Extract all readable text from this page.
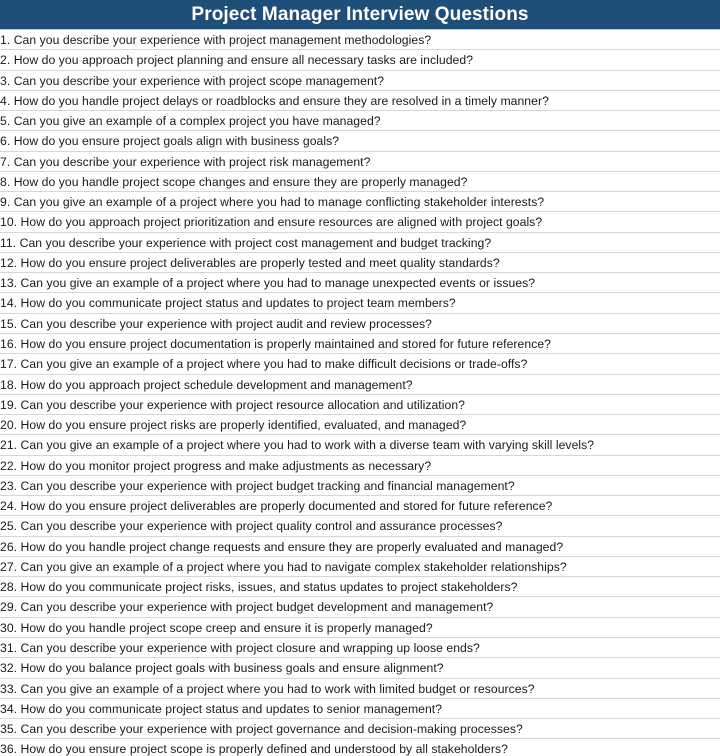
Project Manager Interview Questions
1. Can you describe your experience with project management methodologies?
2. How do you approach project planning and ensure all necessary tasks are included?
3. Can you describe your experience with project scope management?
4. How do you handle project delays or roadblocks and ensure they are resolved in a timely manner?
5. Can you give an example of a complex project you have managed?
6. How do you ensure project goals align with business goals?
7. Can you describe your experience with project risk management?
8. How do you handle project scope changes and ensure they are properly managed?
9. Can you give an example of a project where you had to manage conflicting stakeholder interests?
10. How do you approach project prioritization and ensure resources are aligned with project goals?
11. Can you describe your experience with project cost management and budget tracking?
12. How do you ensure project deliverables are properly tested and meet quality standards?
13. Can you give an example of a project where you had to manage unexpected events or issues?
14. How do you communicate project status and updates to project team members?
15. Can you describe your experience with project audit and review processes?
16. How do you ensure project documentation is properly maintained and stored for future reference?
17. Can you give an example of a project where you had to make difficult decisions or trade-offs?
18. How do you approach project schedule development and management?
19. Can you describe your experience with project resource allocation and utilization?
20. How do you ensure project risks are properly identified, evaluated, and managed?
21. Can you give an example of a project where you had to work with a diverse team with varying skill levels?
22. How do you monitor project progress and make adjustments as necessary?
23. Can you describe your experience with project budget tracking and financial management?
24. How do you ensure project deliverables are properly documented and stored for future reference?
25. Can you describe your experience with project quality control and assurance processes?
26. How do you handle project change requests and ensure they are properly evaluated and managed?
27. Can you give an example of a project where you had to navigate complex stakeholder relationships?
28. How do you communicate project risks, issues, and status updates to project stakeholders?
29. Can you describe your experience with project budget development and management?
30. How do you handle project scope creep and ensure it is properly managed?
31. Can you describe your experience with project closure and wrapping up loose ends?
32. How do you balance project goals with business goals and ensure alignment?
33. Can you give an example of a project where you had to work with limited budget or resources?
34. How do you communicate project status and updates to senior management?
35. Can you describe your experience with project governance and decision-making processes?
36. How do you ensure project scope is properly defined and understood by all stakeholders?
